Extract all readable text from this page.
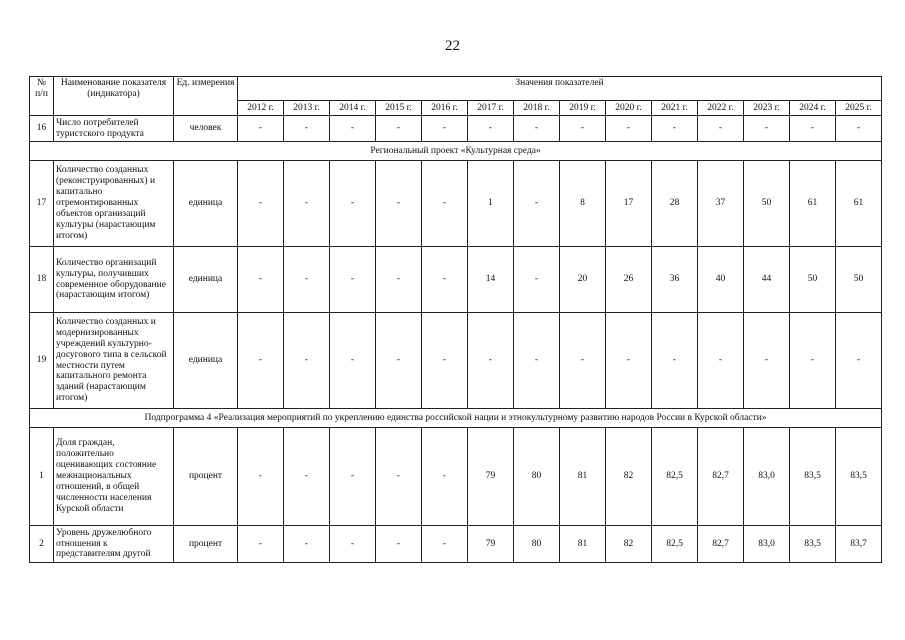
22
№ п/п	Наименование показателя (индикатора)	Ед. измерения	Значения показателей													
			2012 г.	2013 г.	2014 г.	2015 г.	2016 г.	2017 г.	2018 г.	2019 г.	2020 г.	2021 г.	2022 г.	2023 г.	2024 г.	2025 г.
16	Число потребителей туристского продукта	человек	-	-	-	-	-	-	-	-	-	-	-	-	-	-
Региональный проект «Культурная среда»																
17	Количество созданных (реконструированных) и капитально отремонтированных объектов организаций культуры (нарастающим итогом)	единица	-	-	-	-	-	1	-	8	17	28	37	50	61	61
18	Количество организаций культуры, получивших современное оборудование (нарастающим итогом)	единица	-	-	-	-	-	14	-	20	26	36	40	44	50	50
19	Количество созданных и модернизированных учреждений культурно-досугового типа в сельской местности путем капитального ремонта зданий (нарастающим итогом)	единица	-	-	-	-	-	-	-	-	-	-	-	-	-	-
Подпрограмма 4 «Реализация мероприятий по укреплению единства российской нации и этнокультурному развитию народов России в Курской области»																
1	Доля граждан, положительно оценивающих состояние межнациональных отношений, в общей численности населения Курской области	процент	-	-	-	-	-	79	80	81	82	82,5	82,7	83,0	83,5	83,5
2	Уровень дружелюбного отношения к представителям другой	процент	-	-	-	-	-	79	80	81	82	82,5	82,7	83,0	83,5	83,7
